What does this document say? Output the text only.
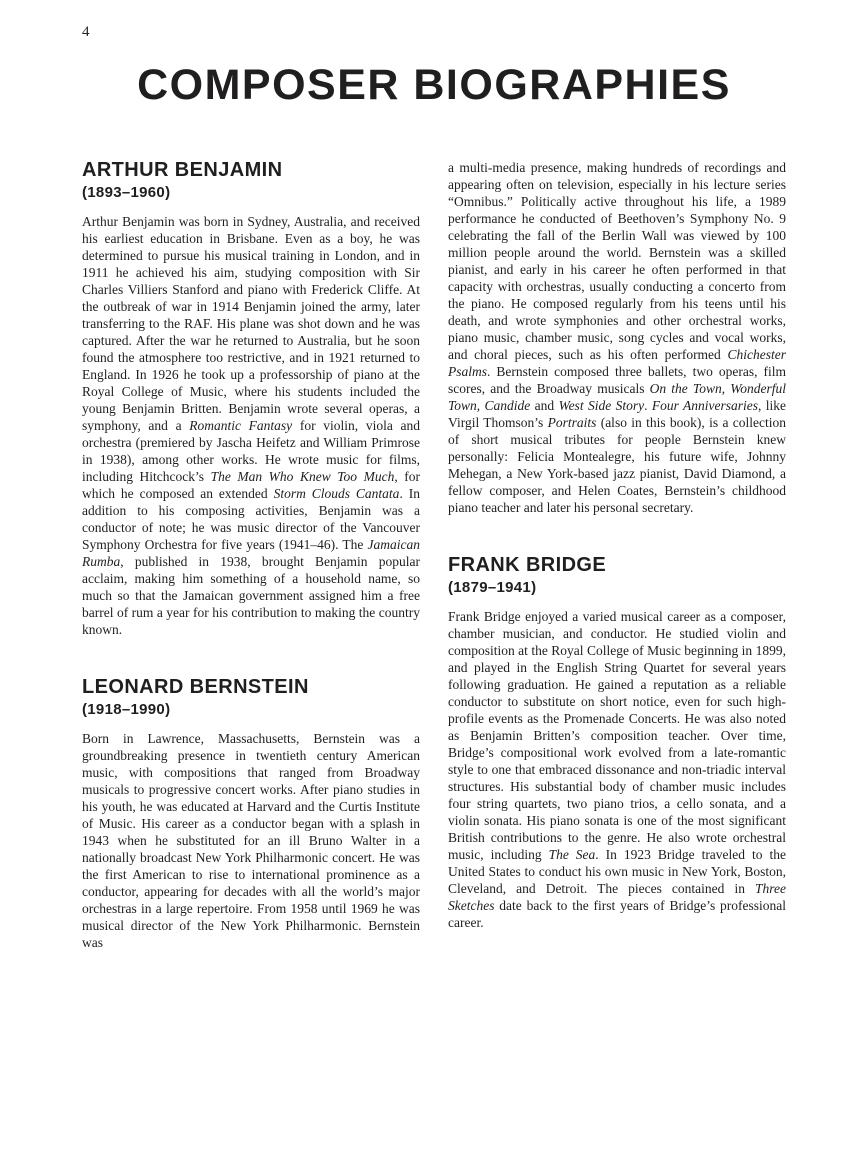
4
COMPOSER BIOGRAPHIES
ARTHUR BENJAMIN
(1893–1960)

Arthur Benjamin was born in Sydney, Australia, and received his earliest education in Brisbane. Even as a boy, he was determined to pursue his musical training in London, and in 1911 he achieved his aim, studying composition with Sir Charles Villiers Stanford and piano with Frederick Cliffe. At the outbreak of war in 1914 Benjamin joined the army, later transferring to the RAF. His plane was shot down and he was captured. After the war he returned to Australia, but he soon found the atmosphere too restrictive, and in 1921 returned to England. In 1926 he took up a professorship of piano at the Royal College of Music, where his students included the young Benjamin Britten. Benjamin wrote several operas, a symphony, and a Romantic Fantasy for violin, viola and orchestra (premiered by Jascha Heifetz and William Primrose in 1938), among other works. He wrote music for films, including Hitchcock’s The Man Who Knew Too Much, for which he composed an extended Storm Clouds Cantata. In addition to his composing activities, Benjamin was a conductor of note; he was music director of the Vancouver Symphony Orchestra for five years (1941–46). The Jamaican Rumba, published in 1938, brought Benjamin popular acclaim, making him something of a household name, so much so that the Jamaican government assigned him a free barrel of rum a year for his contribution to making the country known.

LEONARD BERNSTEIN
(1918–1990)

Born in Lawrence, Massachusetts, Bernstein was a groundbreaking presence in twentieth century American music, with compositions that ranged from Broadway musicals to progressive concert works. After piano studies in his youth, he was educated at Harvard and the Curtis Institute of Music. His career as a conductor began with a splash in 1943 when he substituted for an ill Bruno Walter in a nationally broadcast New York Philharmonic concert. He was the first American to rise to international prominence as a conductor, appearing for decades with all the world’s major orchestras in a large repertoire. From 1958 until 1969 he was musical director of the New York Philharmonic. Bernstein was

a multi-media presence, making hundreds of recordings and appearing often on television, especially in his lecture series “Omnibus.” Politically active throughout his life, a 1989 performance he conducted of Beethoven’s Symphony No. 9 celebrating the fall of the Berlin Wall was viewed by 100 million people around the world. Bernstein was a skilled pianist, and early in his career he often performed in that capacity with orchestras, usually conducting a concerto from the piano. He composed regularly from his teens until his death, and wrote symphonies and other orchestral works, piano music, chamber music, song cycles and vocal works, and choral pieces, such as his often performed Chichester Psalms. Bernstein composed three ballets, two operas, film scores, and the Broadway musicals On the Town, Wonderful Town, Candide and West Side Story. Four Anniversaries, like Virgil Thomson’s Portraits (also in this book), is a collection of short musical tributes for people Bernstein knew personally: Felicia Montealegre, his future wife, Johnny Mehegan, a New York-based jazz pianist, David Diamond, a fellow composer, and Helen Coates, Bernstein’s childhood piano teacher and later his personal secretary.

FRANK BRIDGE
(1879–1941)

Frank Bridge enjoyed a varied musical career as a composer, chamber musician, and conductor. He studied violin and composition at the Royal College of Music beginning in 1899, and played in the English String Quartet for several years following graduation. He gained a reputation as a reliable conductor to substitute on short notice, even for such high-profile events as the Promenade Concerts. He was also noted as Benjamin Britten’s composition teacher. Over time, Bridge’s compositional work evolved from a late-romantic style to one that embraced dissonance and non-triadic interval structures. His substantial body of chamber music includes four string quartets, two piano trios, a cello sonata, and a violin sonata. His piano sonata is one of the most significant British contributions to the genre. He also wrote orchestral music, including The Sea. In 1923 Bridge traveled to the United States to conduct his own music in New York, Boston, Cleveland, and Detroit. The pieces contained in Three Sketches date back to the first years of Bridge’s professional career.
